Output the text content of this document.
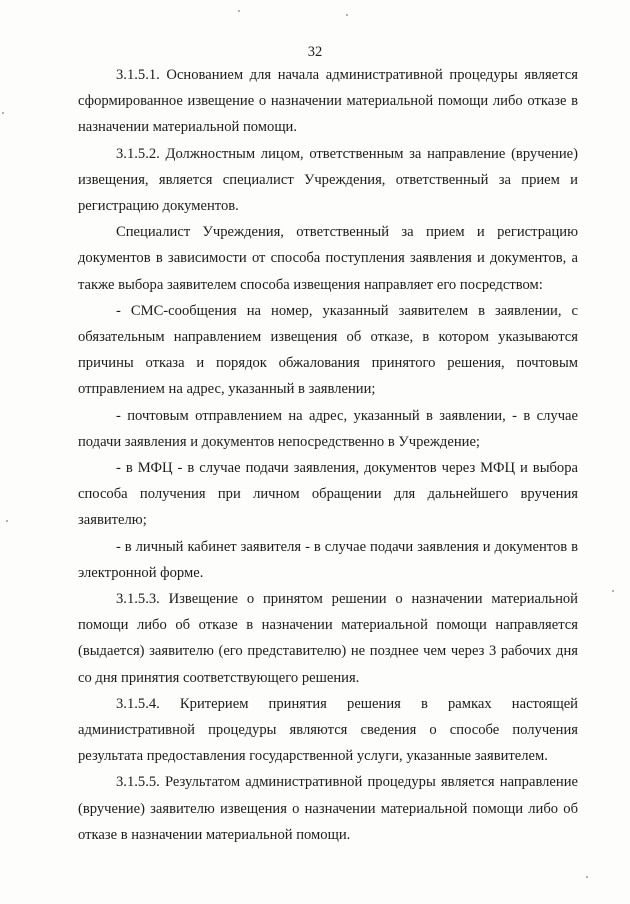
32

3.1.5.1. Основанием для начала административной процедуры является сформированное извещение о назначении материальной помощи либо отказе в назначении материальной помощи.

3.1.5.2. Должностным лицом, ответственным за направление (вручение) извещения, является специалист Учреждения, ответственный за прием и регистрацию документов.

Специалист Учреждения, ответственный за прием и регистрацию документов в зависимости от способа поступления заявления и документов, а также выбора заявителем способа извещения направляет его посредством:

- СМС-сообщения на номер, указанный заявителем в заявлении, с обязательным направлением извещения об отказе, в котором указываются причины отказа и порядок обжалования принятого решения, почтовым отправлением на адрес, указанный в заявлении;

- почтовым отправлением на адрес, указанный в заявлении, - в случае подачи заявления и документов непосредственно в Учреждение;

- в МФЦ - в случае подачи заявления, документов через МФЦ и выбора способа получения при личном обращении для дальнейшего вручения заявителю;

- в личный кабинет заявителя - в случае подачи заявления и документов в электронной форме.

3.1.5.3. Извещение о принятом решении о назначении материальной помощи либо об отказе в назначении материальной помощи направляется (выдается) заявителю (его представителю) не позднее чем через 3 рабочих дня со дня принятия соответствующего решения.

3.1.5.4. Критерием принятия решения в рамках настоящей административной процедуры являются сведения о способе получения результата предоставления государственной услуги, указанные заявителем.

3.1.5.5. Результатом административной процедуры является направление (вручение) заявителю извещения о назначении материальной помощи либо об отказе в назначении материальной помощи.
